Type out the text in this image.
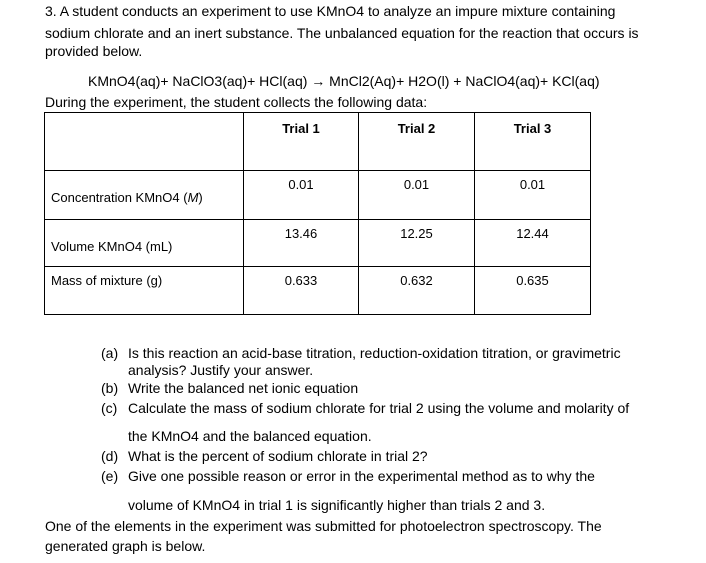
3. A student conducts an experiment to use KMnO4 to analyze an impure mixture containing
sodium chlorate and an inert substance. The unbalanced equation for the reaction that occurs is
provided below.
KMnO4(aq)+ NaClO3(aq)+ HCl(aq) → MnCl2(Aq)+ H2O(l) + NaClO4(aq)+ KCl(aq)
During the experiment, the student collects the following data:
	Trial 1	Trial 2	Trial 3
Concentration KMnO4 (M)	0.01	0.01	0.01
Volume KMnO4 (mL)	13.46	12.25	12.44
Mass of mixture (g)	0.633	0.632	0.635
(a) Is this reaction an acid-base titration, reduction-oxidation titration, or gravimetric
analysis? Justify your answer.
(b) Write the balanced net ionic equation
(c) Calculate the mass of sodium chlorate for trial 2 using the volume and molarity of
the KMnO4 and the balanced equation.
(d) What is the percent of sodium chlorate in trial 2?
(e) Give one possible reason or error in the experimental method as to why the
volume of KMnO4 in trial 1 is significantly higher than trials 2 and 3.
One of the elements in the experiment was submitted for photoelectron spectroscopy. The
generated graph is below.
